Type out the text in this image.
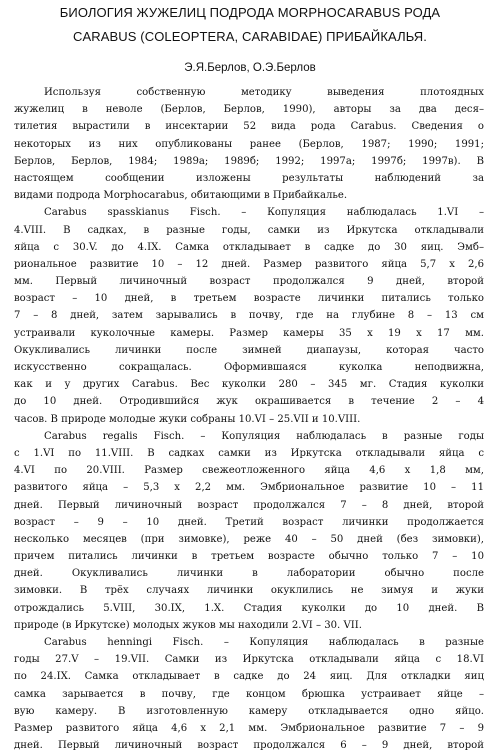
БИОЛОГИЯ ЖУЖЕЛИЦ ПОДРОДА MORPHOCARABUS РОДА
CARABUS (COLEOPTERA, CARABIDAE) ПРИБАЙКАЛЬЯ.
Э.Я.Берлов, О.Э.Берлов
Используя собственную методику выведения плотоядных
жужелиц в неволе (Берлов, Берлов, 1990), авторы за два деся–
тилетия вырастили в инсектарии 52 вида рода Carabus. Сведения о
некоторых из них опубликованы ранее (Берлов, 1987; 1990; 1991;
Берлов, Берлов, 1984; 1989а; 1989б; 1992; 1997а; 1997б; 1997в). В
настоящем сообщении изложены результаты наблюдений за
видами подрода Morphocarabus, обитающими в Прибайкалье.
Carabus spasskianus Fisch. – Копуляция наблюдалась 1.VI –
4.VIII. В садках, в разные годы, самки из Иркутска откладывали
яйца с 30.V. до 4.IX. Самка откладывает в садке до 30 яиц. Эмб–
риональное развитие 10 – 12 дней. Размер развитого яйца 5,7 х 2,6
мм. Первый личиночный возраст продолжался 9 дней, второй
возраст – 10 дней, в третьем возрасте личинки питались только
7 – 8 дней, затем зарывались в почву, где на глубине 8 – 13 см
устраивали куколочные камеры. Размер камеры 35 х 19 х 17 мм.
Окукливались личинки после зимней диапаузы, которая часто
искусственно сокращалась. Оформившаяся куколка неподвижна,
как и у других Carabus. Вес куколки 280 – 345 мг. Стадия куколки
до 10 дней. Отродившийся жук окрашивается в течение 2 – 4
часов. В природе молодые жуки собраны 10.VI – 25.VII и 10.VIII.
Carabus regalis Fisch. – Копуляция наблюдалась в разные годы
с 1.VI по 11.VIII. В садках самки из Иркутска откладывали яйца с
4.VI по 20.VIII. Размер свежеотложенного яйца 4,6 х 1,8 мм,
развитого яйца – 5,3 х 2,2 мм. Эмбриональное развитие 10 – 11
дней. Первый личиночный возраст продолжался 7 – 8 дней, второй
возраст – 9 – 10 дней. Третий возраст личинки продолжается
несколько месяцев (при зимовке), реже 40 – 50 дней (без зимовки),
причем питались личинки в третьем возрасте обычно только 7 – 10
дней. Окукливались личинки в лаборатории обычно после
зимовки. В трёх случаях личинки окуклились не зимуя и жуки
отрождались 5.VIII, 30.IX, 1.X. Стадия куколки до 10 дней. В
природе (в Иркутске) молодых жуков мы находили 2.VI – 30. VII.
Carabus henningi Fisch. – Копуляция наблюдалась в разные
годы 27.V – 19.VII. Самки из Иркутска откладывали яйца с 18.VI
по 24.IX. Самка откладывает в садке до 24 яиц. Для откладки яиц
самка зарывается в почву, где концом брюшка устраивает яйце –
вую камеру. В изготовленную камеру откладывается одно яйцо.
Размер развитого яйца 4,6 х 2,1 мм. Эмбриональное развитие 7 – 9
дней. Первый личиночный возраст продолжался 6 – 9 дней, второй
